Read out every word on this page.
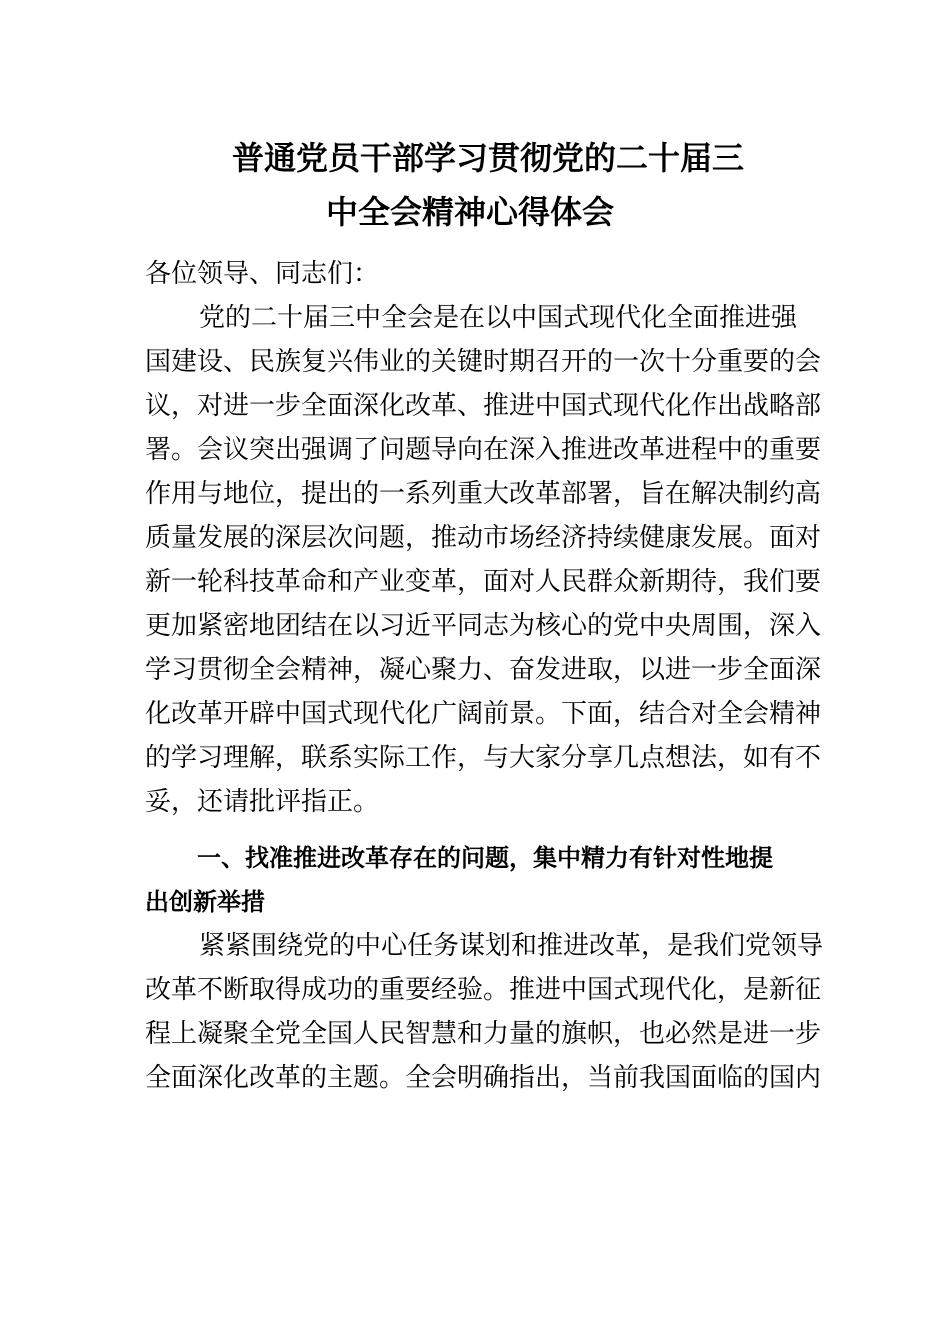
普通党员干部学习贯彻党的二十届三
中全会精神心得体会
各位领导、同志们：
党的二十届三中全会是在以中国式现代化全面推进强
国建设、民族复兴伟业的关键时期召开的一次十分重要的会
议，对进一步全面深化改革、推进中国式现代化作出战略部
署。会议突出强调了问题导向在深入推进改革进程中的重要
作用与地位，提出的一系列重大改革部署，旨在解决制约高
质量发展的深层次问题，推动市场经济持续健康发展。面对
新一轮科技革命和产业变革，面对人民群众新期待，我们要
更加紧密地团结在以习近平同志为核心的党中央周围，深入
学习贯彻全会精神，凝心聚力、奋发进取，以进一步全面深
化改革开辟中国式现代化广阔前景。下面，结合对全会精神
的学习理解，联系实际工作，与大家分享几点想法，如有不
妥，还请批评指正。
一、找准推进改革存在的问题，集中精力有针对性地提
出创新举措
紧紧围绕党的中心任务谋划和推进改革，是我们党领导
改革不断取得成功的重要经验。推进中国式现代化，是新征
程上凝聚全党全国人民智慧和力量的旗帜，也必然是进一步
全面深化改革的主题。全会明确指出，当前我国面临的国内
